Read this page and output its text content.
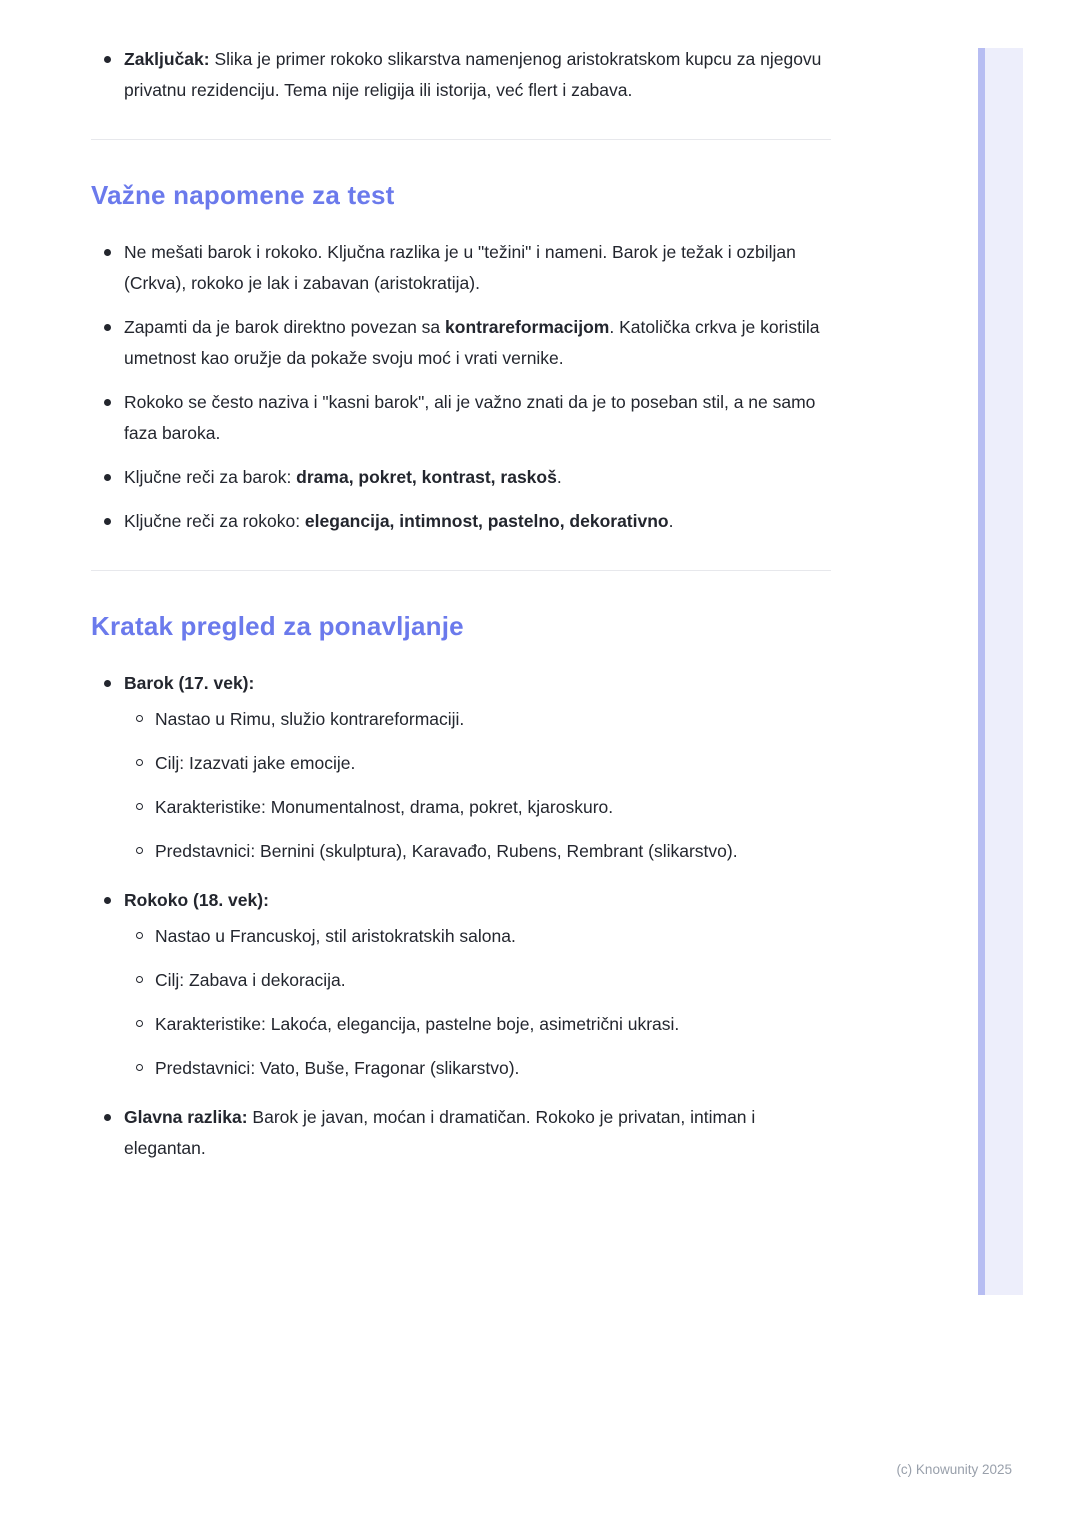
Zaključak: Slika je primer rokoko slikarstva namenjenog aristokratskom kupcu za njegovu privatnu rezidenciju. Tema nije religija ili istorija, već flert i zabava.
Važne napomene za test
Ne mešati barok i rokoko. Ključna razlika je u "težini" i nameni. Barok je težak i ozbiljan (Crkva), rokoko je lak i zabavan (aristokratija).
Zapamti da je barok direktno povezan sa kontrareformacijom. Katolička crkva je koristila umetnost kao oružje da pokaže svoju moć i vrati vernike.
Rokoko se često naziva i "kasni barok", ali je važno znati da je to poseban stil, a ne samo faza baroka.
Ključne reči za barok: drama, pokret, kontrast, raskoš.
Ključne reči za rokoko: elegancija, intimnost, pastelno, dekorativno.
Kratak pregled za ponavljanje
Barok (17. vek):
Nastao u Rimu, služio kontrareformaciji.
Cilj: Izazvati jake emocije.
Karakteristike: Monumentalnost, drama, pokret, kjaroskuro.
Predstavnici: Bernini (skulptura), Karavađo, Rubens, Rembrant (slikarstvo).
Rokoko (18. vek):
Nastao u Francuskoj, stil aristokratskih salona.
Cilj: Zabava i dekoracija.
Karakteristike: Lakoća, elegancija, pastelne boje, asimetrični ukrasi.
Predstavnici: Vato, Buše, Fragonar (slikarstvo).
Glavna razlika: Barok je javan, moćan i dramatičan. Rokoko je privatan, intiman i elegantan.
(c) Knowunity 2025
